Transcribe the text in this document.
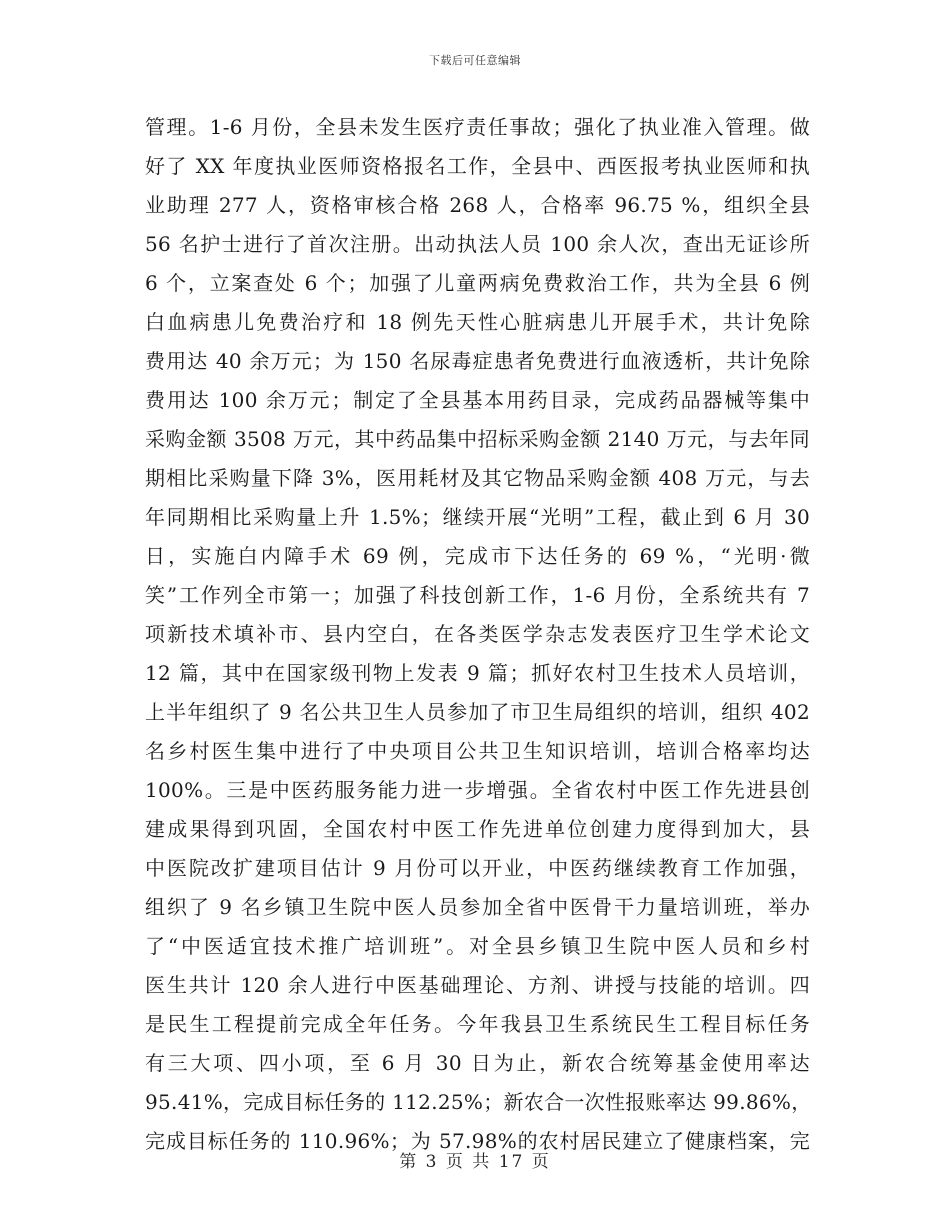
下载后可任意编辑
管理。1-6 月份，全县未发生医疗责任事故；强化了执业准入管理。做
好了 XX 年度执业医师资格报名工作，全县中、西医报考执业医师和执
业助理 277 人，资格审核合格 268 人，合格率 96.75 %，组织全县
56 名护士进行了首次注册。出动执法人员 100 余人次，查出无证诊所
6 个，立案查处 6 个；加强了儿童两病免费救治工作，共为全县 6 例
白血病患儿免费治疗和 18 例先天性心脏病患儿开展手术，共计免除
费用达 40 余万元；为 150 名尿毒症患者免费进行血液透析，共计免除
费用达 100 余万元；制定了全县基本用药目录，完成药品器械等集中
采购金额 3508 万元，其中药品集中招标采购金额 2140 万元，与去年同
期相比采购量下降 3%，医用耗材及其它物品采购金额 408 万元，与去
年同期相比采购量上升 1.5%；继续开展“光明”工程，截止到 6 月 30
日，实施白内障手术 69 例，完成市下达任务的 69 %，“光明·微
笑”工作列全市第一；加强了科技创新工作，1-6 月份，全系统共有 7
项新技术填补市、县内空白，在各类医学杂志发表医疗卫生学术论文
12 篇，其中在国家级刊物上发表 9 篇；抓好农村卫生技术人员培训，
上半年组织了 9 名公共卫生人员参加了市卫生局组织的培训，组织 402
名乡村医生集中进行了中央项目公共卫生知识培训，培训合格率均达
100%。三是中医药服务能力进一步增强。全省农村中医工作先进县创
建成果得到巩固，全国农村中医工作先进单位创建力度得到加大，县
中医院改扩建项目估计 9 月份可以开业，中医药继续教育工作加强，
组织了 9 名乡镇卫生院中医人员参加全省中医骨干力量培训班，举办
了“中医适宜技术推广培训班”。对全县乡镇卫生院中医人员和乡村
医生共计 120 余人进行中医基础理论、方剂、讲授与技能的培训。四
是民生工程提前完成全年任务。今年我县卫生系统民生工程目标任务
有三大项、四小项，至 6 月 30 日为止，新农合统筹基金使用率达
95.41%，完成目标任务的 112.25%；新农合一次性报账率达 99.86%，
完成目标任务的 110.96%；为 57.98%的农村居民建立了健康档案，完
第 3 页 共 17 页
